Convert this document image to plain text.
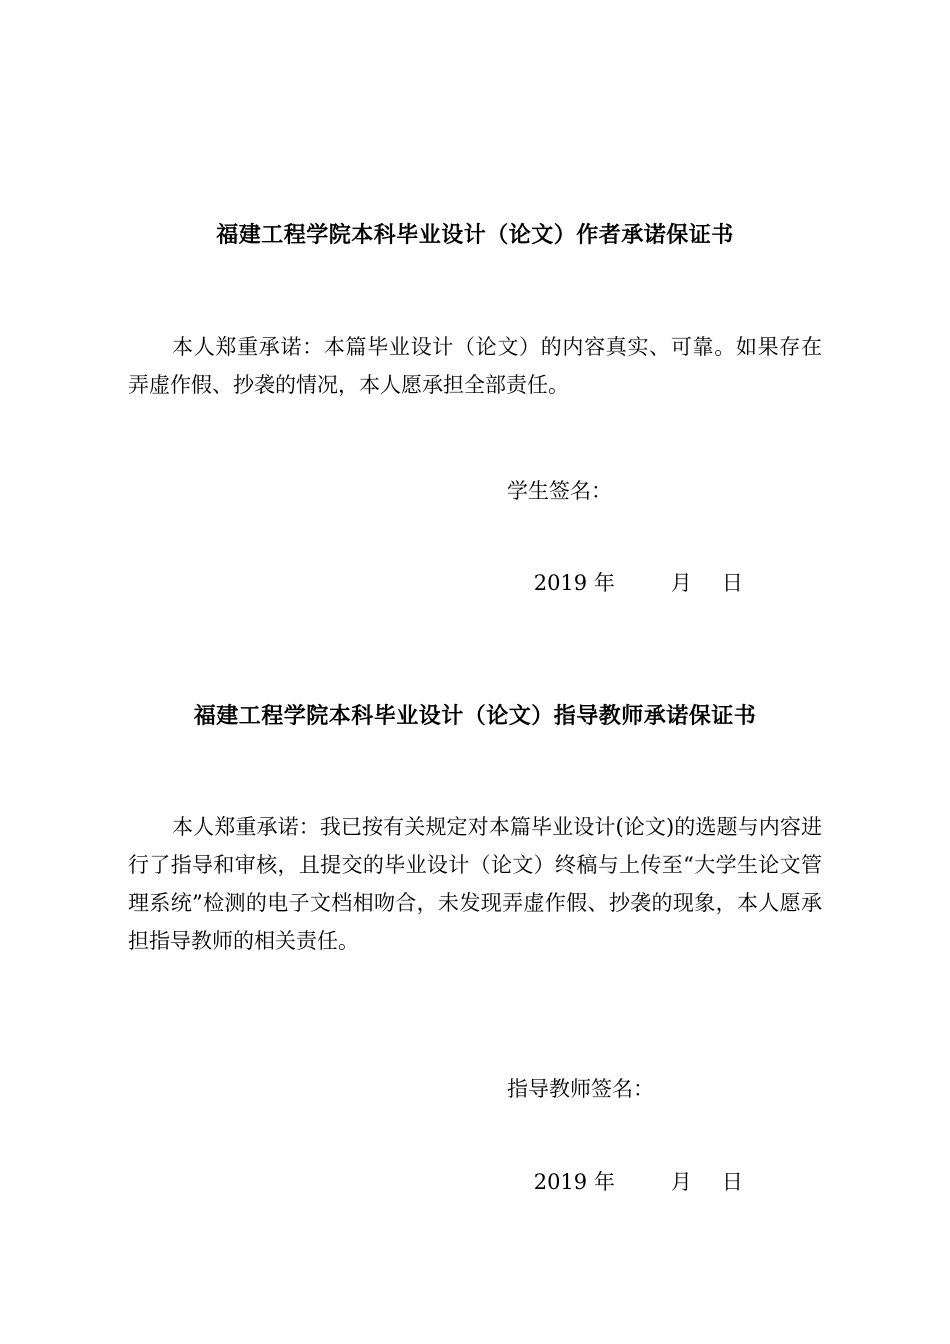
福建工程学院本科毕业设计（论文）作者承诺保证书
本人郑重承诺：本篇毕业设计（论文）的内容真实、可靠。如果存在弄虚作假、抄袭的情况，本人愿承担全部责任。
学生签名：

2019 年	月 日

福建工程学院本科毕业设计（论文）指导教师承诺保证书
本人郑重承诺：我已按有关规定对本篇毕业设计(论文)的选题与内容进行了指导和审核，且提交的毕业设计（论文）终稿与上传至“大学生论文管理系统”检测的电子文档相吻合，未发现弄虚作假、抄袭的现象，本人愿承担指导教师的相关责任。
指导教师签名：

2019 年	月 日
